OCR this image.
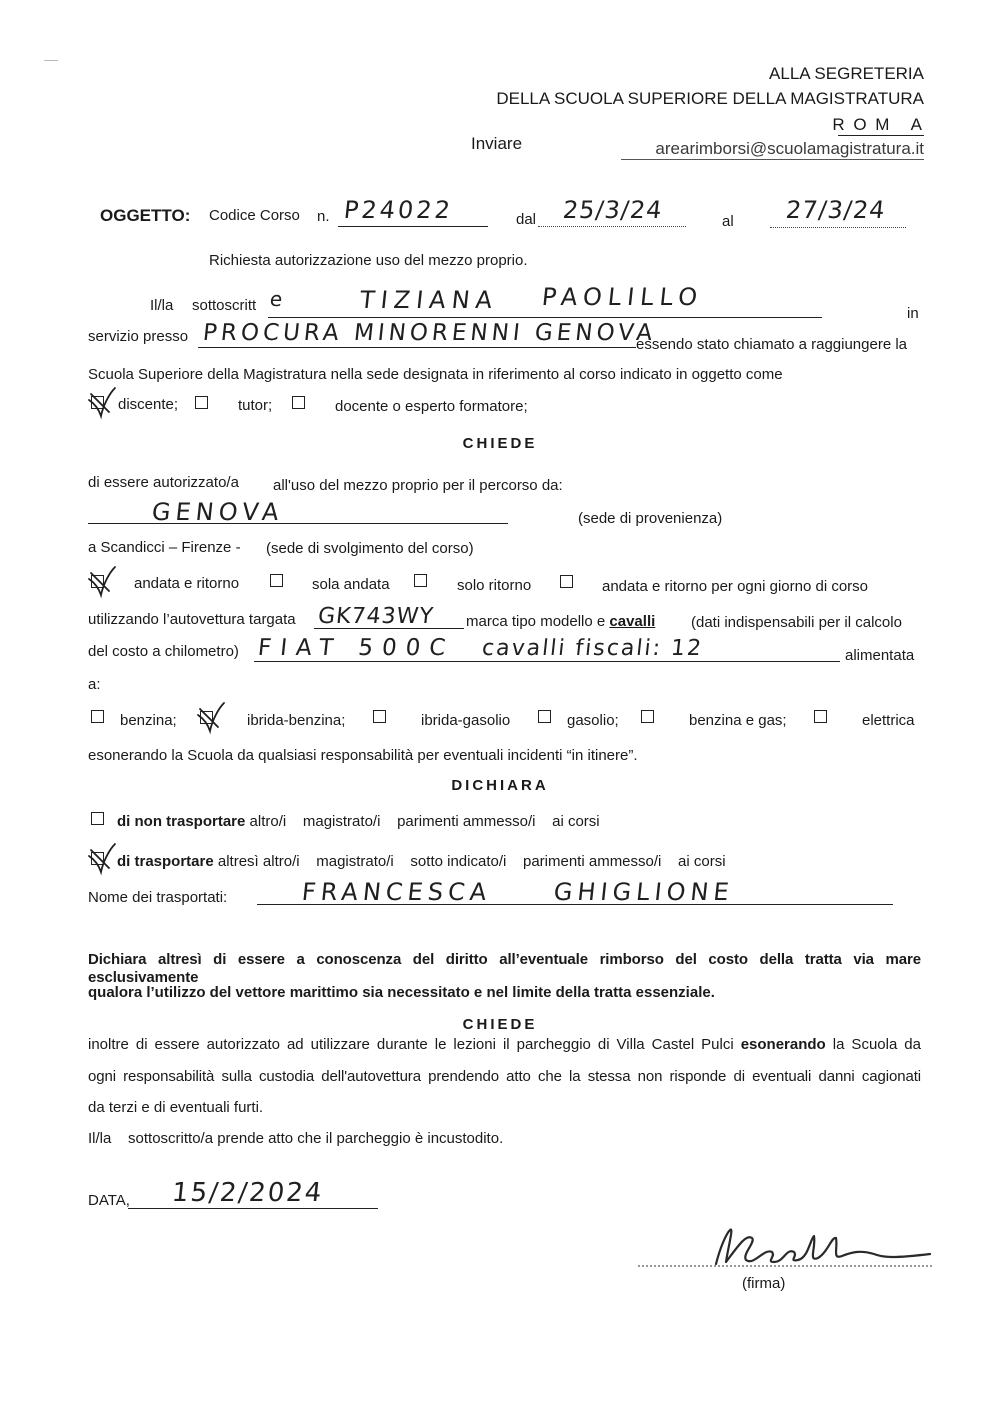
ALLA SEGRETERIA
DELLA SCUOLA SUPERIORE DELLA MAGISTRATURA
R O M   A
Inviare	arearimborsi@scuolamagistratura.it
OGGETTO: Codice Corso n. P24022	dal 25/3/24	al 27/3/24
Richiesta autorizzazione uso del mezzo proprio.
Il/la sottoscritt e	TIZIANA PAOLILLO
in
servizio presso PROCURA MINORENNI GENOVA
essendo stato chiamato a raggiungere la
Scuola Superiore della Magistratura nella sede designata in riferimento al corso indicato in oggetto come
discente;	tutor;	docente o esperto formatore;
CHIEDE
di essere autorizzato/a all'uso del mezzo proprio per il percorso da:
GENOVA	(sede di provenienza)
a Scandicci – Firenze - (sede di svolgimento del corso)
andata e ritorno	sola andata	solo ritorno	andata e ritorno per ogni giorno di corso
utilizzando l’autovettura targata GK743WY marca tipo modello e cavalli (dati indispensabili per il calcolo
del costo a chilometro) FIAT 500C cavalli fiscali: 12	alimentata
a:
benzina;	ibrida-benzina;	ibrida-gasolio	gasolio;	benzina e gas;	elettrica
esonerando la Scuola da qualsiasi responsabilità per eventuali incidenti “in itinere”.
DICHIARA
di non trasportare altro/i    magistrato/i    parimenti ammesso/i    ai corsi
di trasportare altresì altro/i    magistrato/i    sotto indicato/i    parimenti ammesso/i    ai corsi
Nome dei trasportati:	FRANCESCA GHIGLIONE
Dichiara altresì di essere a conoscenza del diritto all’eventuale rimborso del costo della tratta via mare esclusivamente
qualora l’utilizzo del vettore marittimo sia necessitato e nel limite della tratta essenziale.
CHIEDE
inoltre di essere autorizzato ad utilizzare durante le lezioni il parcheggio di Villa Castel Pulci esonerando la Scuola da
ogni responsabilità sulla custodia dell'autovettura prendendo atto che la stessa non risponde di eventuali danni cagionati
da terzi e di eventuali furti.
Il/la    sottoscritto/a prende atto che il parcheggio è incustodito.
DATA, 15/2/2024
(firma)
